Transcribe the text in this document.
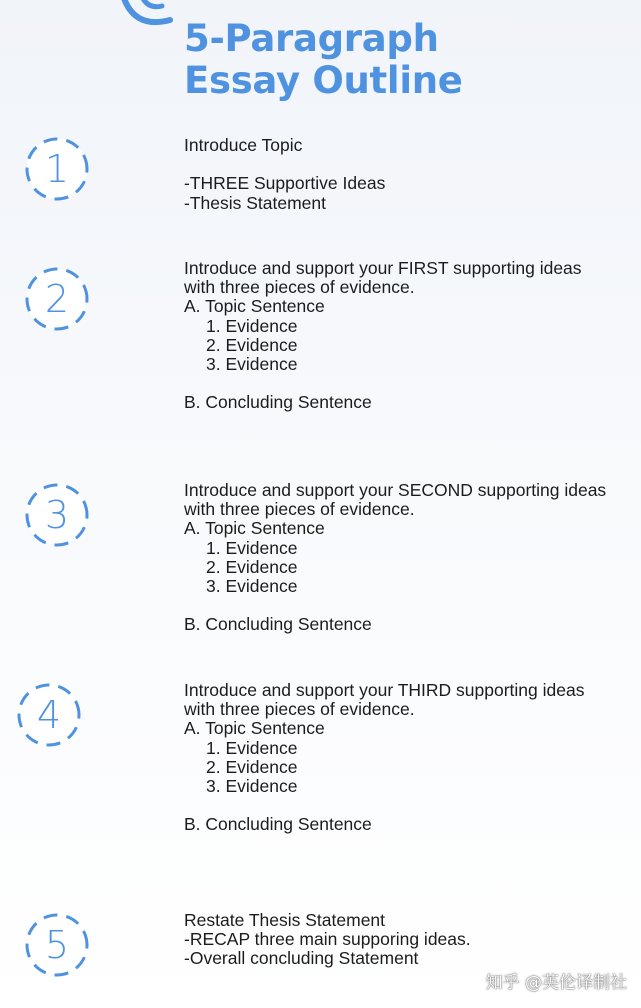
5-Paragraph
Essay Outline
1
2
3
4
5
Introduce Topic
-THREE Supportive Ideas
-Thesis Statement
Introduce and support your FIRST supporting ideas
with three pieces of evidence.
A. Topic Sentence
1. Evidence
2. Evidence
3. Evidence
B. Concluding Sentence
Introduce and support your SECOND supporting ideas
with three pieces of evidence.
A. Topic Sentence
1. Evidence
2. Evidence
3. Evidence
B. Concluding Sentence
Introduce and support your THIRD supporting ideas
with three pieces of evidence.
A. Topic Sentence
1. Evidence
2. Evidence
3. Evidence
B. Concluding Sentence
Restate Thesis Statement
-RECAP three main supporing ideas.
-Overall concluding Statement
知乎 @英伦译制社
